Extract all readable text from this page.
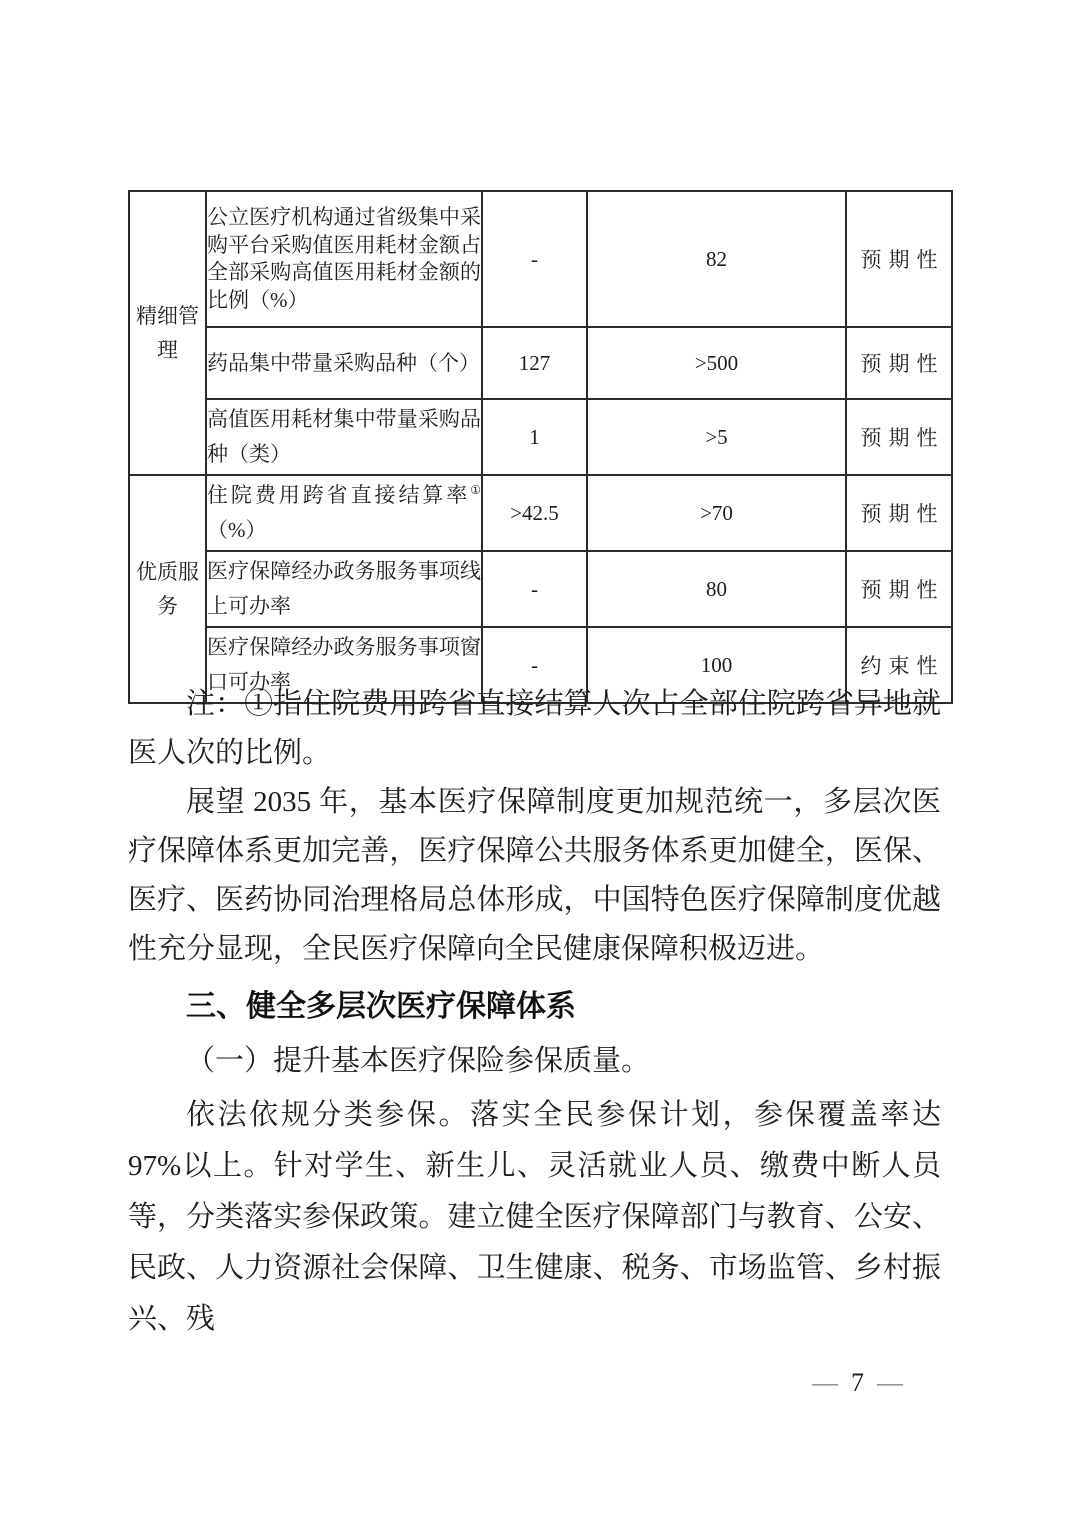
精细管理	公立医疗机构通过省级集中采购平台采购值医用耗材金额占全部采购高值医用耗材金额的比例（%）	-	82	预期性
	药品集中带量采购品种（个）	127	>500	预期性
	高值医用耗材集中带量采购品种（类）	1	>5	预期性
优质服务	住院费用跨省直接结算率①（%）	>42.5	>70	预期性
	医疗保障经办政务服务事项线上可办率	-	80	预期性
	医疗保障经办政务服务事项窗口可办率	-	100	约束性

注：①指住院费用跨省直接结算人次占全部住院跨省异地就医人次的比例。

展望 2035 年，基本医疗保障制度更加规范统一，多层次医疗保障体系更加完善，医疗保障公共服务体系更加健全，医保、医疗、医药协同治理格局总体形成，中国特色医疗保障制度优越性充分显现，全民医疗保障向全民健康保障积极迈进。

三、健全多层次医疗保障体系

（一）提升基本医疗保险参保质量。

依法依规分类参保。落实全民参保计划，参保覆盖率达 97%以上。针对学生、新生儿、灵活就业人员、缴费中断人员等，分类落实参保政策。建立健全医疗保障部门与教育、公安、民政、人力资源社会保障、卫生健康、税务、市场监管、乡村振兴、残

— 7 —
